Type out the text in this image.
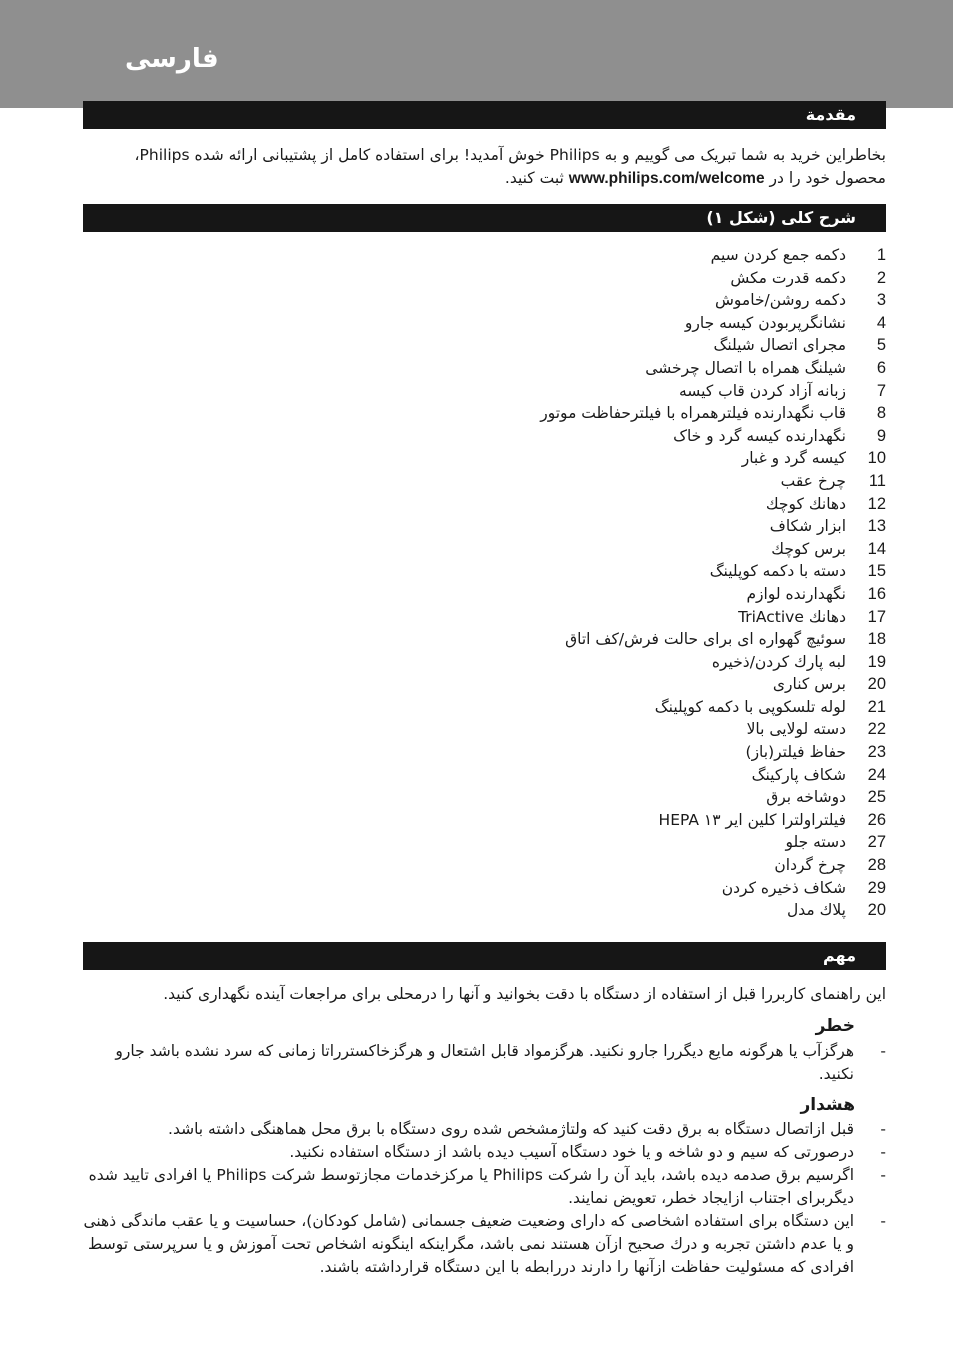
فارسی
مقدمة

بخاطراین خرید به شما تبریک می گوییم و به Philips خوش آمدید! برای استفاده کامل از پشتیبانی ارائه شده Philips، محصول خود را در www.philips.com/welcome ثبت کنید.

شرح کلی (شکل ۱)
1
دکمه جمع کردن سیم
2
دکمه قدرت مکش
3
دکمه روشن/خاموش
4
نشانگرپربودن کیسه جارو
5
مجرای اتصال شیلنگ
6
شیلنگ همراه با اتصال چرخشی
7
زبانه آزاد کردن قاب کیسه
8
قاب نگهدارنده فیلترهمراه با فیلترحفاظت موتور
9
نگهدارنده کیسه گرد و خاک
10
کیسه گرد و غبار
11
چرخ عقب
12
دهانك كوچك
13
ابزار شكاف
14
برس كوچك
15
دسته با دکمه کوپلینگ
16
نگهدارنده لوازم
17
دهانك TriActive
18
سوئیچ گهواره ای برای حالت فرش/کف اتاق
19
لبه پارك كردن/ذخیره
20
برس کناری
21
لوله تلسکوپی با دکمه کوپلینگ
22
دسته لولایی بالا
23
حفاظ فیلتر(باز)
24
شکاف پارکینگ
25
دوشاخه برق
26
فیلتراولترا کلین ایر HEPA ۱۳
27
دسته جلو
28
چرخ گردان
29
شکاف ذخیره کردن
20
پلاك مدل
مهم

این راهنمای کاربررا قبل از استفاده از دستگاه با دقت بخوانید و آنها را درمحلی برای مراجعات آینده نگهداری کنید.

خطر
-
هرگزآب یا هرگونه مایع دیگررا جارو نکنید. هرگزمواد قابل اشتعال و هرگزخاکسترراتا زمانی که سرد نشده باشد جارو نکنید.
هشدار
-
قبل ازاتصال دستگاه به برق دقت کنید که ولتاژمشخص شده روی دستگاه با برق محل هماهنگی داشته باشد.
-
درصورتی که سیم و دو شاخه و یا خود دستگاه آسیب دیده باشد از دستگاه استفاده نکنید.
-
اگرسیم برق صدمه دیده باشد، باید آن را شرکت Philips یا مرکزخدمات مجازتوسط شرکت Philips یا افرادی تایید شده دیگربرای اجتناب ازایجاد خطر، تعویض نمایند.
-
این دستگاه برای استفاده اشخاصی که دارای وضعیت ضعیف جسمانی (شامل کودکان)، حساسیت و یا عقب ماندگی ذهنی و یا عدم داشتن تجربه و درك صحیح ازآن هستند نمی باشد، مگراینکه اینگونه اشخاص تحت آموزش و یا سرپرستی توسط افرادی که مسئولیت حفاظت ازآنها را دارند دررابطه با این دستگاه قرارداشته باشند.
